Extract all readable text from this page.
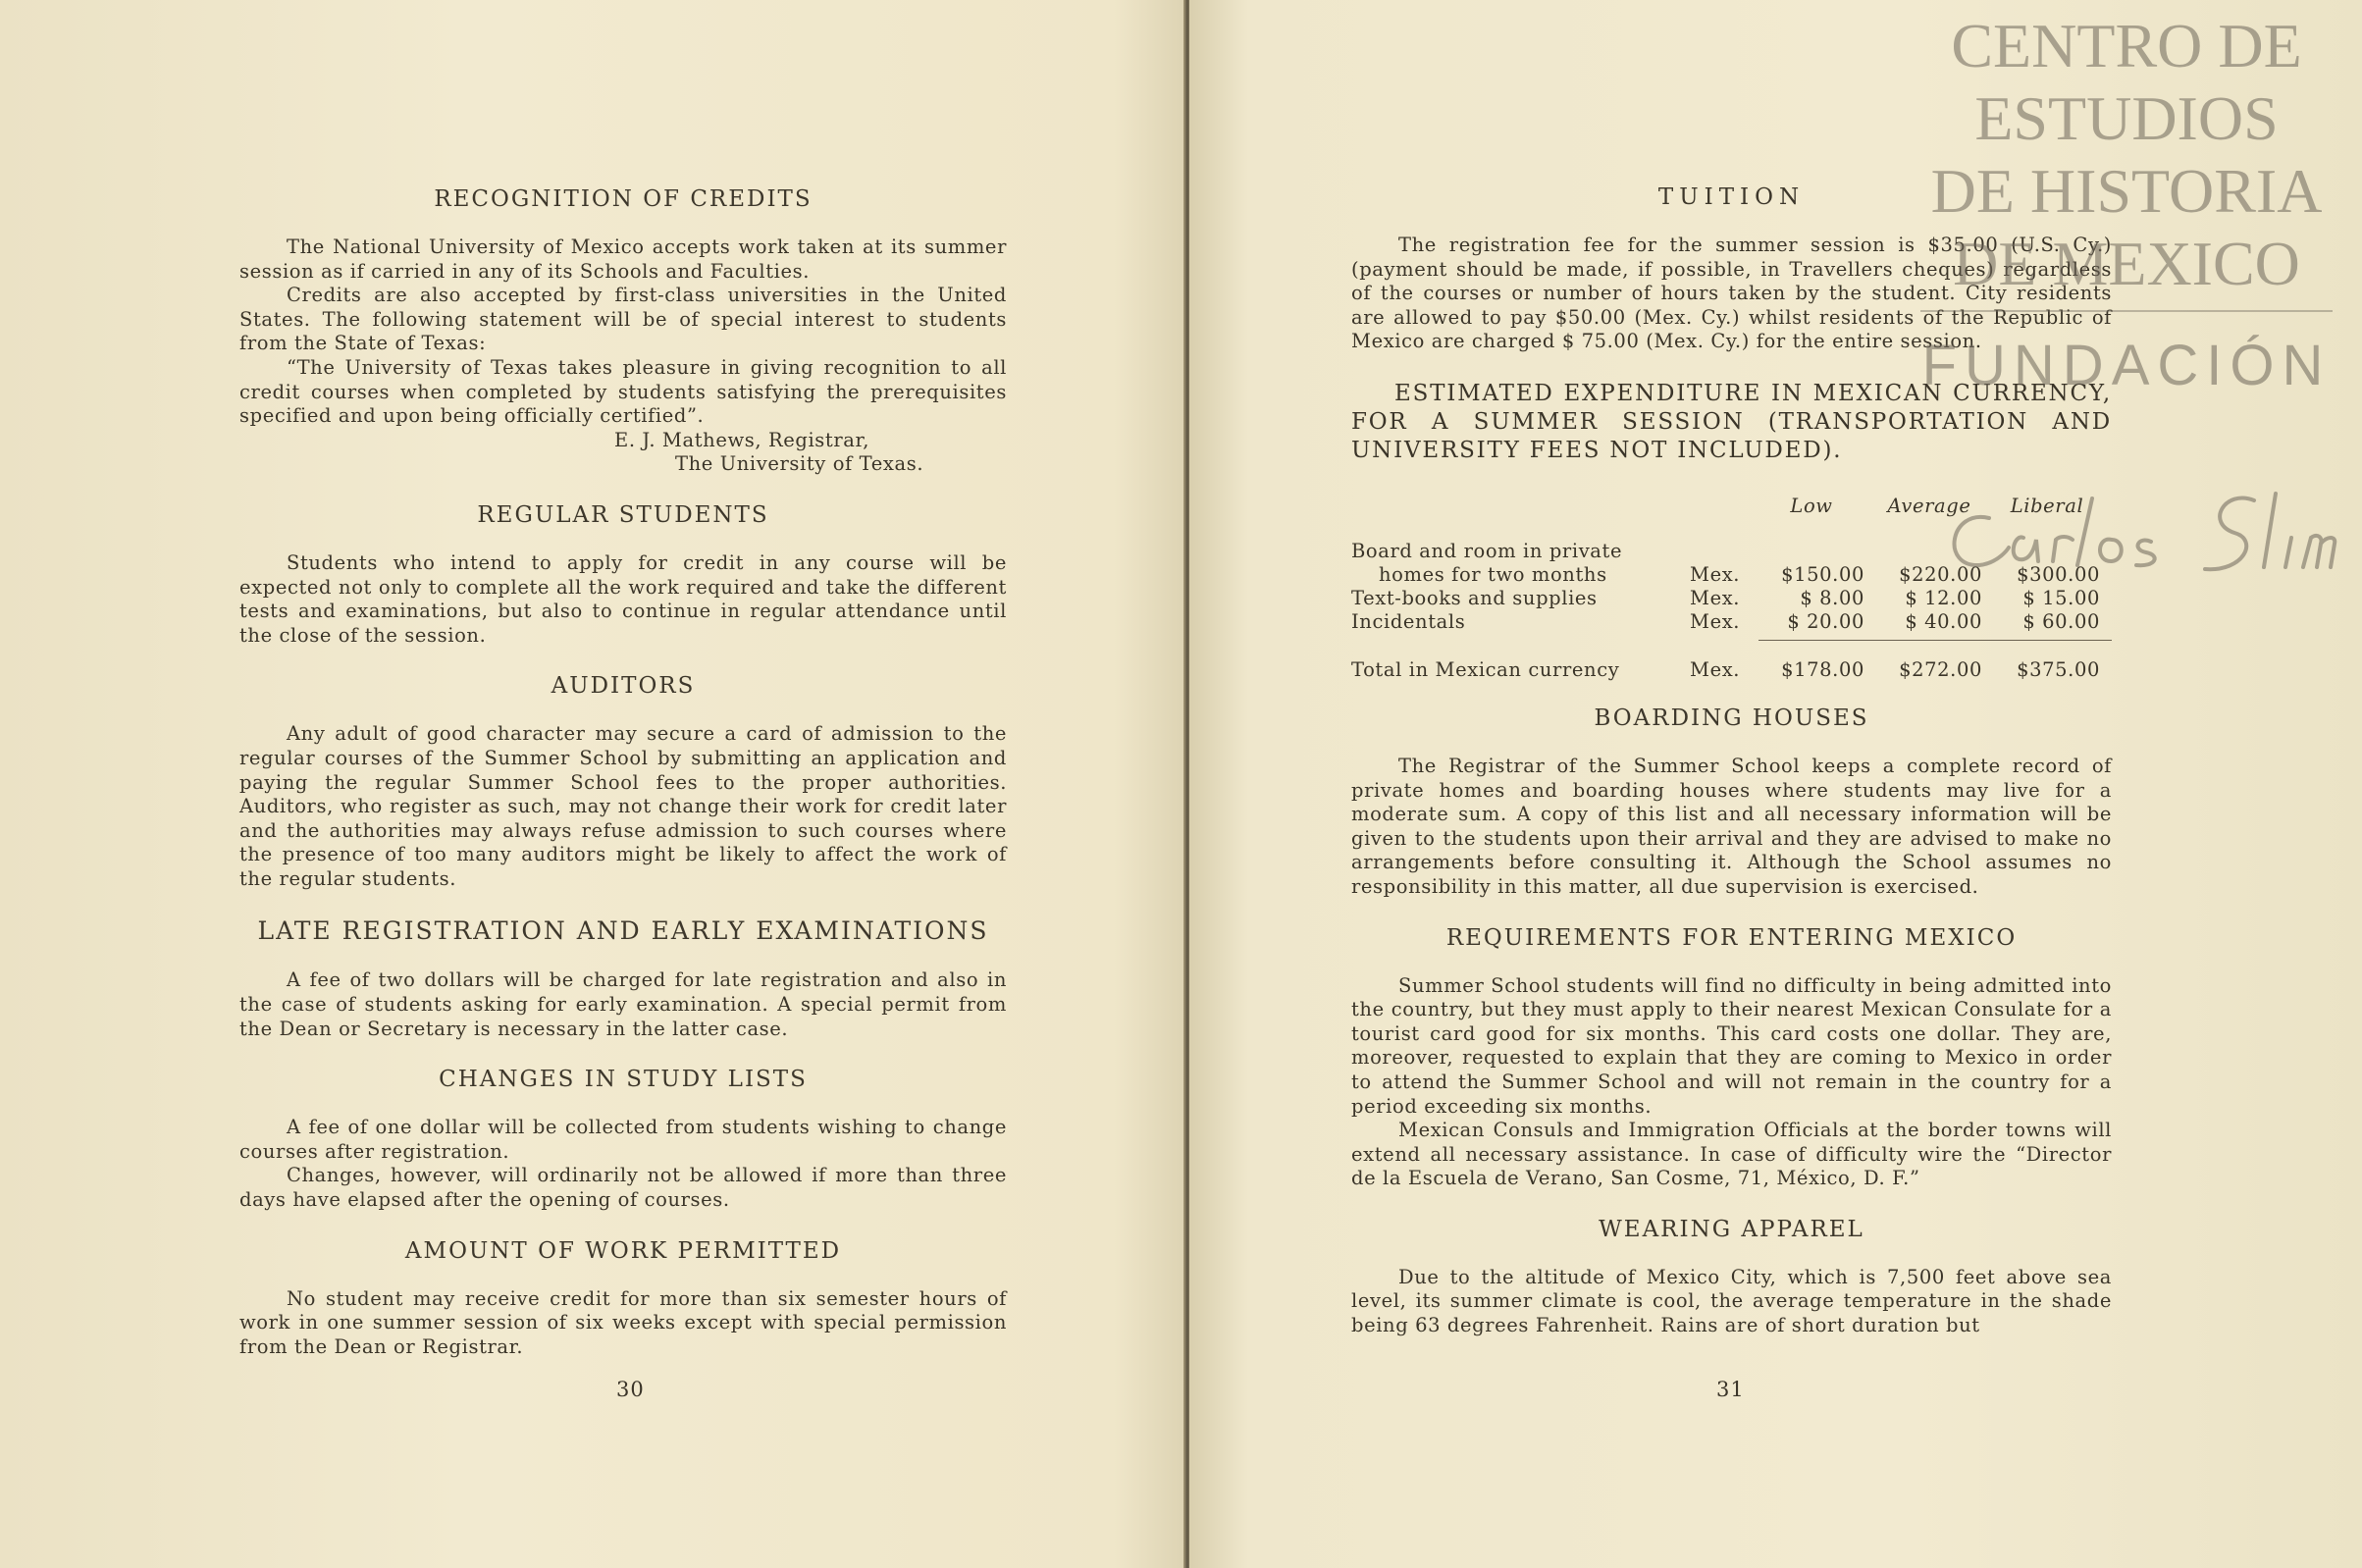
RECOGNITION OF CREDITS

The National University of Mexico accepts work taken at its summer session as if carried in any of its Schools and Faculties.

Credits are also accepted by first-class universities in the United States. The following statement will be of special interest to students from the State of Texas:

“The University of Texas takes pleasure in giving recognition to all credit courses when completed by students satisfying the prerequisites specified and upon being officially certified”.

E. J. Mathews, Registrar,
The University of Texas.
REGULAR STUDENTS

Students who intend to apply for credit in any course will be expected not only to complete all the work required and take the different tests and examinations, but also to continue in regular attendance until the close of the session.

AUDITORS

Any adult of good character may secure a card of admission to the regular courses of the Summer School by submitting an application and paying the regular Summer School fees to the proper authorities. Auditors, who register as such, may not change their work for credit later and the authorities may always refuse admission to such courses where the presence of too many auditors might be likely to affect the work of the regular students.

LATE REGISTRATION AND EARLY EXAMINATIONS

A fee of two dollars will be charged for late registration and also in the case of students asking for early examination. A special permit from the Dean or Secretary is necessary in the latter case.

CHANGES IN STUDY LISTS

A fee of one dollar will be collected from students wishing to change courses after registration.

Changes, however, will ordinarily not be allowed if more than three days have elapsed after the opening of courses.

AMOUNT OF WORK PERMITTED

No student may receive credit for more than six semester hours of work in one summer session of six weeks except with special permission from the Dean or Registrar.

30
TUITION

The registration fee for the summer session is $35.00 (U.S. Cy.) (payment should be made, if possible, in Travellers cheques) regardless of the courses or number of hours taken by the student. City residents are allowed to pay $50.00 (Mex. Cy.) whilst residents of the Republic of Mexico are charged $ 75.00 (Mex. Cy.) for the entire session.

ESTIMATED EXPENDITURE IN MEXICAN CURRENCY, FOR A SUMMER SESSION (TRANSPORTATION AND UNIVERSITY FEES NOT INCLUDED).

		Low	Average	Liberal
Board and room in private				
homes for two months	Mex.	$150.00	$220.00	$300.00
Text-books and supplies	Mex.	$ 8.00	$ 12.00	$ 15.00
Incidentals	Mex.	$ 20.00	$ 40.00	$ 60.00

Total in Mexican currency	Mex.	$178.00	$272.00	$375.00
BOARDING HOUSES

The Registrar of the Summer School keeps a complete record of private homes and boarding houses where students may live for a moderate sum. A copy of this list and all necessary information will be given to the students upon their arrival and they are advised to make no arrangements before consulting it. Although the School assumes no responsibility in this matter, all due supervision is exercised.

REQUIREMENTS FOR ENTERING MEXICO

Summer School students will find no difficulty in being admitted into the country, but they must apply to their nearest Mexican Consulate for a tourist card good for six months. This card costs one dollar. They are, moreover, requested to explain that they are coming to Mexico in order to attend the Summer School and will not remain in the country for a period exceeding six months.

Mexican Consuls and Immigration Officials at the border towns will extend all necessary assistance. In case of difficulty wire the “Director de la Escuela de Verano, San Cosme, 71, México, D. F.”

WEARING APPAREL

Due to the altitude of Mexico City, which is 7,500 feet above sea level, its summer climate is cool, the average temperature in the shade being 63 degrees Fahrenheit. Rains are of short duration but

31
CENTRO DE
ESTUDIOS
DE HISTORIA
DE MEXICO
FUNDACIÓN
